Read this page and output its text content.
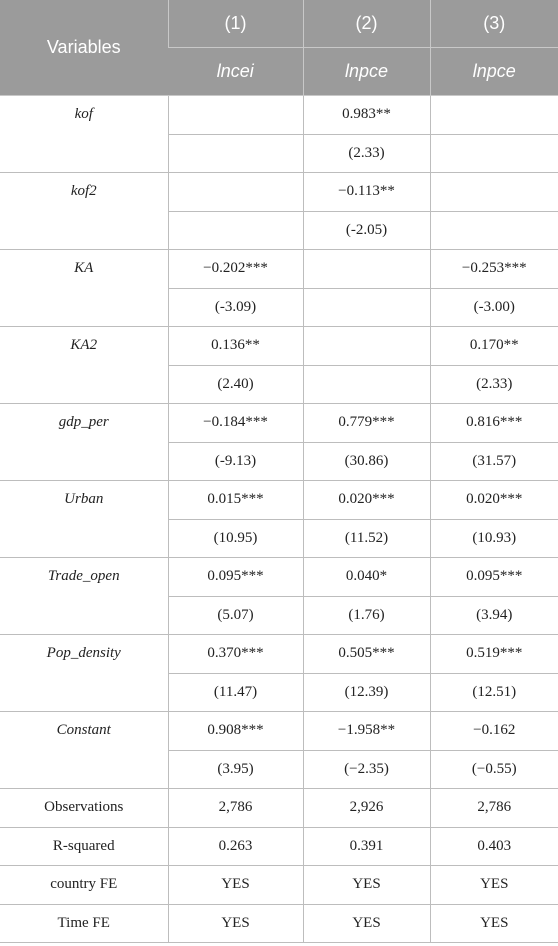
Variables	(1)	(2)	(3)
	lncei	lnpce	lnpce
kof		0.983**	
		(2.33)	
kof2		−0.113**	
		(-2.05)	
KA	−0.202***		−0.253***
	(-3.09)		(-3.00)
KA2	0.136**		0.170**
	(2.40)		(2.33)
gdp_per	−0.184***	0.779***	0.816***
	(-9.13)	(30.86)	(31.57)
Urban	0.015***	0.020***	0.020***
	(10.95)	(11.52)	(10.93)
Trade_open	0.095***	0.040*	0.095***
	(5.07)	(1.76)	(3.94)
Pop_density	0.370***	0.505***	0.519***
	(11.47)	(12.39)	(12.51)
Constant	0.908***	−1.958**	−0.162
	(3.95)	(−2.35)	(−0.55)
Observations	2,786	2,926	2,786
R-squared	0.263	0.391	0.403
country FE	YES	YES	YES
Time FE	YES	YES	YES
